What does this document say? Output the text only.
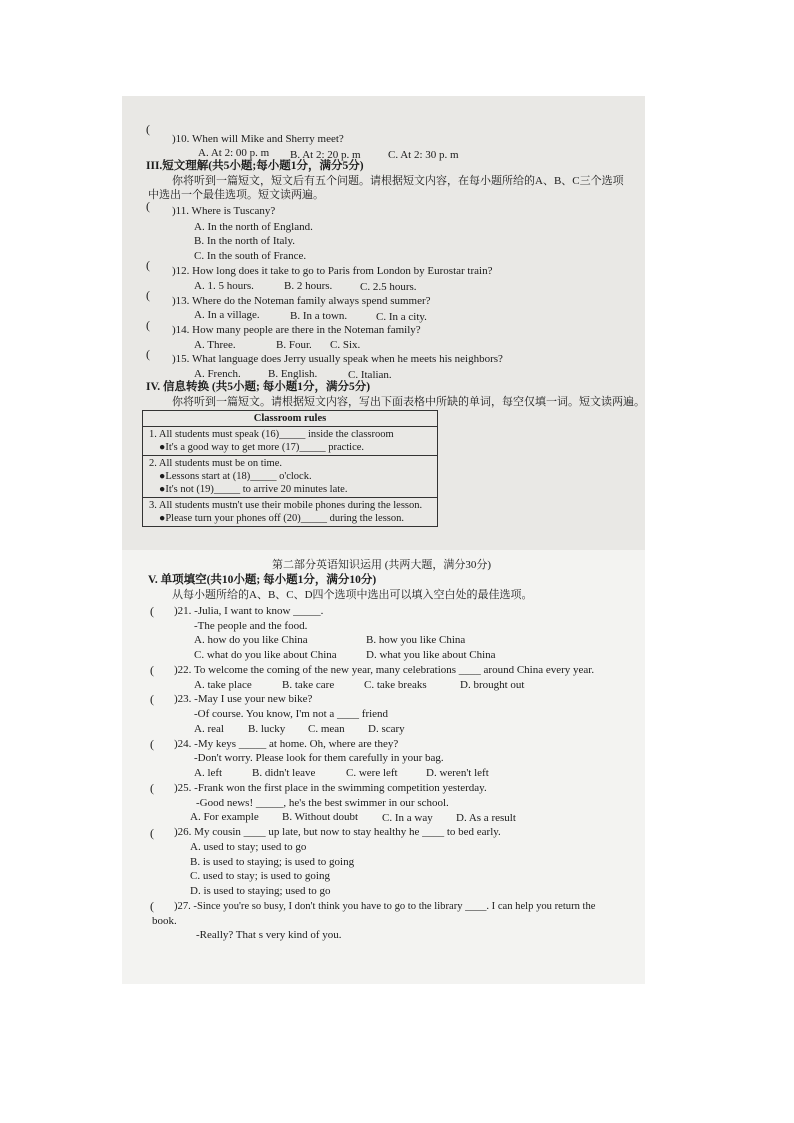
(
)10. When will Mike and Sherry meet?
A. At 2: 00 p. m B. At 2: 20 p. m C. At 2: 30 p. m
III.短文理解(共5小题;每小题1分，满分5分)
你将听到一篇短文，短文后有五个问题。请根据短文内容，在每小题所给的A、B、C三个选项
中选出一个最佳选项。短文读两遍。
( )11. Where is Tuscany?
A. In the north of England.
B. In the north of Italy.
C. In the south of France.
( )12. How long does it take to go to Paris from London by Eurostar train?
A. 1. 5 hours.	B. 2 hours.	C. 2.5 hours.
( )13. Where do the Noteman family always spend summer?
A. In a village.	B. In a town.	C. In a city.
( )14. How many people are there in the Noteman family?
A. Three.	B. Four. C. Six.
( )15. What language does Jerry usually speak when he meets his neighbors?
A. French. B. English.	C. Italian.
IV. 信息转换 (共5小题; 每小题1分，满分5分)
你将听到一篇短文。请根据短文内容，写出下面表格中所缺的单词，每空仅填一词。短文读两遍。
Classroom rules

1. All students must speak (16)_____ inside the classroom
●It's a good way to get more (17)_____ practice.

2. All students must be on time.
●Lessons start at (18)_____ o'clock.
●It's not (19)_____ to arrive 20 minutes late.

3. All students mustn't use their mobile phones during the lesson.
●Please turn your phones off (20)_____ during the lesson.
第二部分英语知识运用 (共两大题，满分30分)
V. 单项填空(共10小题; 每小题1分，满分10分)
从每小题所给的A、B、C、D四个选项中选出可以填入空白处的最佳选项。
( )21. -Julia, I want to know _____.
-The people and the food.
A. how do you like China	B. how you like China
C. what do you like about China	D. what you like about China
( )22. To welcome the coming of the new year, many celebrations ____ around China every year.
A. take place	B. take care	C. take breaks	D. brought out
( )23. -May I use your new bike?
-Of course. You know, I'm not a ____ friend
A. real B. lucky C. mean D. scary
( )24. -My keys _____ at home. Oh, where are they?
-Don't worry. Please look for them carefully in your bag.
A. left	B. didn't leave	C. were left	D. weren't left
( )25. -Frank won the first place in the swimming competition yesterday.
-Good news! _____, he's the best swimmer in our school.
A. For example B. Without doubt C. In a way D. As a result
( )26. My cousin ____ up late, but now to stay healthy he ____ to bed early.
A. used to stay; used to go
B. is used to staying; is used to going
C. used to stay; is used to going
D. is used to staying; used to go
( )27. -Since you're so busy, I don't think you have to go to the library ____. I can help you return the
book.
-Really? That s very kind of you.
